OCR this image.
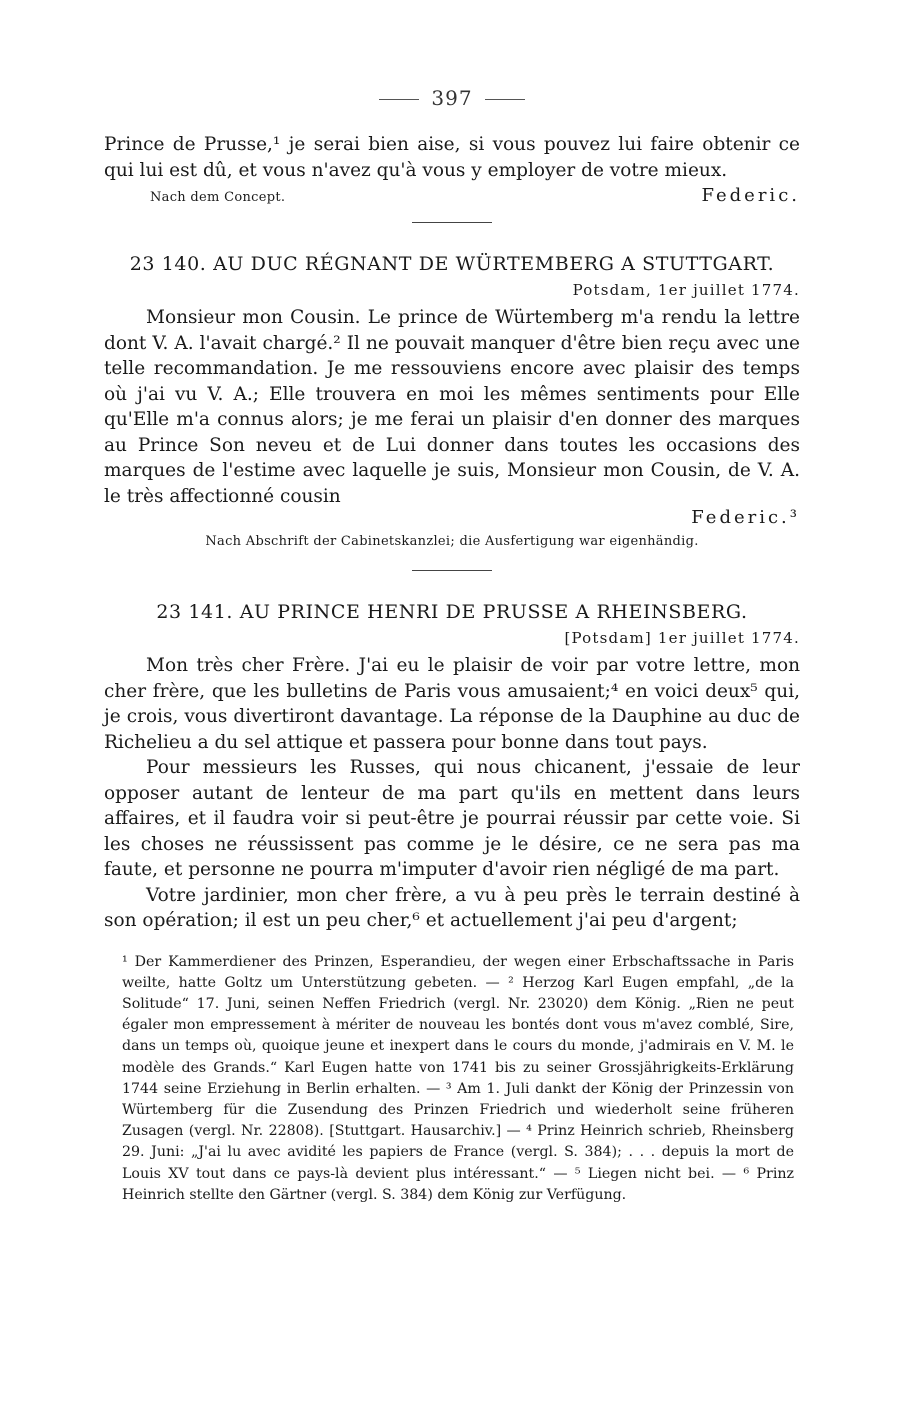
397

Prince de Prusse,¹ je serai bien aise, si vous pouvez lui faire obtenir ce qui lui est dû, et vous n'avez qu'à vous y employer de votre mieux.

Nach dem Concept.	Federic.
23 140. AU DUC RÉGNANT DE WÜRTEMBERG A STUTTGART.
Potsdam, 1er juillet 1774.

Monsieur mon Cousin. Le prince de Würtemberg m'a rendu la lettre dont V. A. l'avait chargé.² Il ne pouvait manquer d'être bien reçu avec une telle recommandation. Je me ressouviens encore avec plaisir des temps où j'ai vu V. A.; Elle trouvera en moi les mêmes sentiments pour Elle qu'Elle m'a connus alors; je me ferai un plaisir d'en donner des marques au Prince Son neveu et de Lui donner dans toutes les occasions des marques de l'estime avec laquelle je suis, Monsieur mon Cousin, de V. A. le très affectionné cousin

Federic.³
Nach Abschrift der Cabinetskanzlei; die Ausfertigung war eigenhändig.
23 141. AU PRINCE HENRI DE PRUSSE A RHEINSBERG.
[Potsdam] 1er juillet 1774.

Mon très cher Frère. J'ai eu le plaisir de voir par votre lettre, mon cher frère, que les bulletins de Paris vous amusaient;⁴ en voici deux⁵ qui, je crois, vous divertiront davantage. La réponse de la Dauphine au duc de Richelieu a du sel attique et passera pour bonne dans tout pays.

Pour messieurs les Russes, qui nous chicanent, j'essaie de leur opposer autant de lenteur de ma part qu'ils en mettent dans leurs affaires, et il faudra voir si peut-être je pourrai réussir par cette voie. Si les choses ne réussissent pas comme je le désire, ce ne sera pas ma faute, et personne ne pourra m'imputer d'avoir rien négligé de ma part.

Votre jardinier, mon cher frère, a vu à peu près le terrain destiné à son opération; il est un peu cher,⁶ et actuellement j'ai peu d'argent;

¹ Der Kammerdiener des Prinzen, Esperandieu, der wegen einer Erbschaftssache in Paris weilte, hatte Goltz um Unterstützung gebeten. — ² Herzog Karl Eugen empfahl, „de la Solitude“ 17. Juni, seinen Neffen Friedrich (vergl. Nr. 23020) dem König. „Rien ne peut égaler mon empressement à mériter de nouveau les bontés dont vous m'avez comblé, Sire, dans un temps où, quoique jeune et inexpert dans le cours du monde, j'admirais en V. M. le modèle des Grands.“ Karl Eugen hatte von 1741 bis zu seiner Grossjährigkeits-Erklärung 1744 seine Erziehung in Berlin erhalten. — ³ Am 1. Juli dankt der König der Prinzessin von Würtemberg für die Zusendung des Prinzen Friedrich und wiederholt seine früheren Zusagen (vergl. Nr. 22808). [Stuttgart. Hausarchiv.] — ⁴ Prinz Heinrich schrieb, Rheinsberg 29. Juni: „J'ai lu avec avidité les papiers de France (vergl. S. 384); . . . depuis la mort de Louis XV tout dans ce pays-là devient plus intéressant.“ — ⁵ Liegen nicht bei. — ⁶ Prinz Heinrich stellte den Gärtner (vergl. S. 384) dem König zur Verfügung.
